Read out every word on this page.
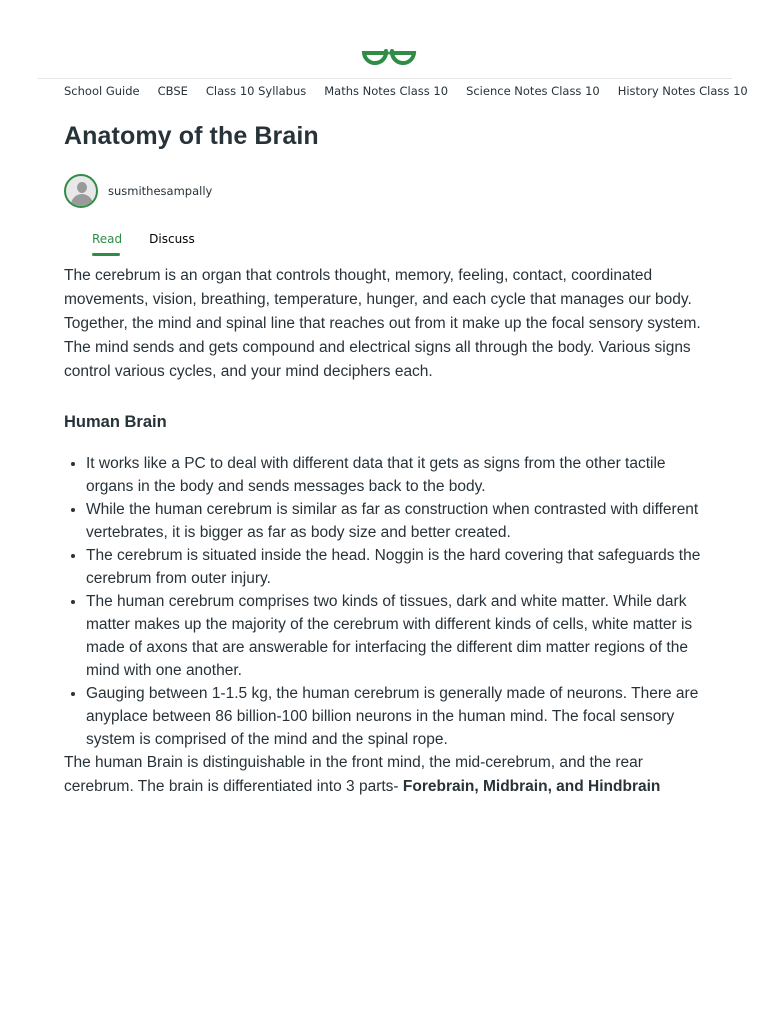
School Guide CBSE Class 10 Syllabus Maths Notes Class 10 Science Notes Class 10 History Notes Class 10
Anatomy of the Brain
susmithesampally
Read Discuss

The cerebrum is an organ that controls thought, memory, feeling, contact, coordinated movements, vision, breathing, temperature, hunger, and each cycle that manages our body. Together, the mind and spinal line that reaches out from it make up the focal sensory system. The mind sends and gets compound and electrical signs all through the body. Various signs control various cycles, and your mind deciphers each.

Human Brain
• It works like a PC to deal with different data that it gets as signs from the other tactile organs in the body and sends messages back to the body.
• While the human cerebrum is similar as far as construction when contrasted with different vertebrates, it is bigger as far as body size and better created.
• The cerebrum is situated inside the head. Noggin is the hard covering that safeguards the cerebrum from outer injury.
• The human cerebrum comprises two kinds of tissues, dark and white matter. While dark matter makes up the majority of the cerebrum with different kinds of cells, white matter is made of axons that are answerable for interfacing the different dim matter regions of the mind with one another.
• Gauging between 1-1.5 kg, the human cerebrum is generally made of neurons. There are anyplace between 86 billion-100 billion neurons in the human mind. The focal sensory system is comprised of the mind and the spinal rope.

The human Brain is distinguishable in the front mind, the mid-cerebrum, and the rear cerebrum. The brain is differentiated into 3 parts- Forebrain, Midbrain, and Hindbrain
